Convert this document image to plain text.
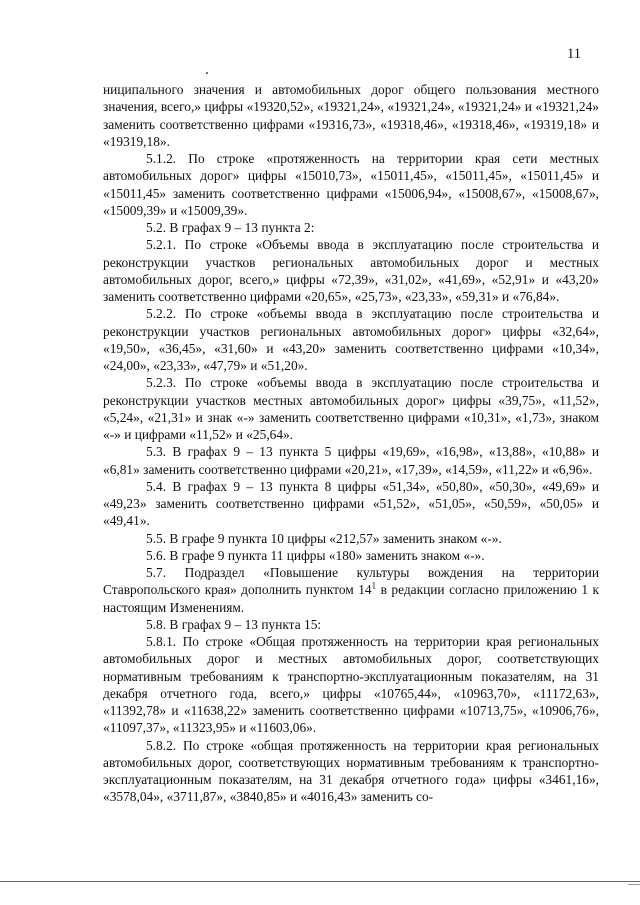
11

ниципального значения и автомобильных дорог общего пользования местного значения, всего,» цифры «19320,52», «19321,24», «19321,24», «19321,24» и «19321,24» заменить соответственно цифрами «19316,73», «19318,46», «19318,46», «19319,18» и «19319,18».

5.1.2. По строке «протяженность на территории края сети местных автомобильных дорог» цифры «15010,73», «15011,45», «15011,45», «15011,45» и «15011,45» заменить соответственно цифрами «15006,94», «15008,67», «15008,67», «15009,39» и «15009,39».

5.2. В графах 9 – 13 пункта 2:

5.2.1. По строке «Объемы ввода в эксплуатацию после строительства и реконструкции участков региональных автомобильных дорог и местных автомобильных дорог, всего,» цифры «72,39», «31,02», «41,69», «52,91» и «43,20» заменить соответственно цифрами «20,65», «25,73», «23,33», «59,31» и «76,84».

5.2.2. По строке «объемы ввода в эксплуатацию после строительства и реконструкции участков региональных автомобильных дорог» цифры «32,64», «19,50», «36,45», «31,60» и «43,20» заменить соответственно цифрами «10,34», «24,00», «23,33», «47,79» и «51,20».

5.2.3. По строке «объемы ввода в эксплуатацию после строительства и реконструкции участков местных автомобильных дорог» цифры «39,75», «11,52», «5,24», «21,31» и знак «-» заменить соответственно цифрами «10,31», «1,73», знаком «-» и цифрами «11,52» и «25,64».

5.3. В графах 9 – 13 пункта 5 цифры «19,69», «16,98», «13,88», «10,88» и «6,81» заменить соответственно цифрами «20,21», «17,39», «14,59», «11,22» и «6,96».

5.4. В графах 9 – 13 пункта 8 цифры «51,34», «50,80», «50,30», «49,69» и «49,23» заменить соответственно цифрами «51,52», «51,05», «50,59», «50,05» и «49,41».

5.5. В графе 9 пункта 10 цифры «212,57» заменить знаком «-».

5.6. В графе 9 пункта 11 цифры «180» заменить знаком «-».

5.7. Подраздел «Повышение культуры вождения на территории Ставропольского края» дополнить пунктом $14^1$ в редакции согласно приложению 1 к настоящим Изменениям.

5.8. В графах 9 – 13 пункта 15:

5.8.1. По строке «Общая протяженность на территории края региональных автомобильных дорог и местных автомобильных дорог, соответствующих нормативным требованиям к транспортно-эксплуатационным показателям, на 31 декабря отчетного года, всего,» цифры «10765,44», «10963,70», «11172,63», «11392,78» и «11638,22» заменить соответственно цифрами «10713,75», «10906,76», «11097,37», «11323,95» и «11603,06».

5.8.2. По строке «общая протяженность на территории края региональных автомобильных дорог, соответствующих нормативным требованиям к транспортно-эксплуатационным показателям, на 31 декабря отчетного года» цифры «3461,16», «3578,04», «3711,87», «3840,85» и «4016,43» заменить со-
